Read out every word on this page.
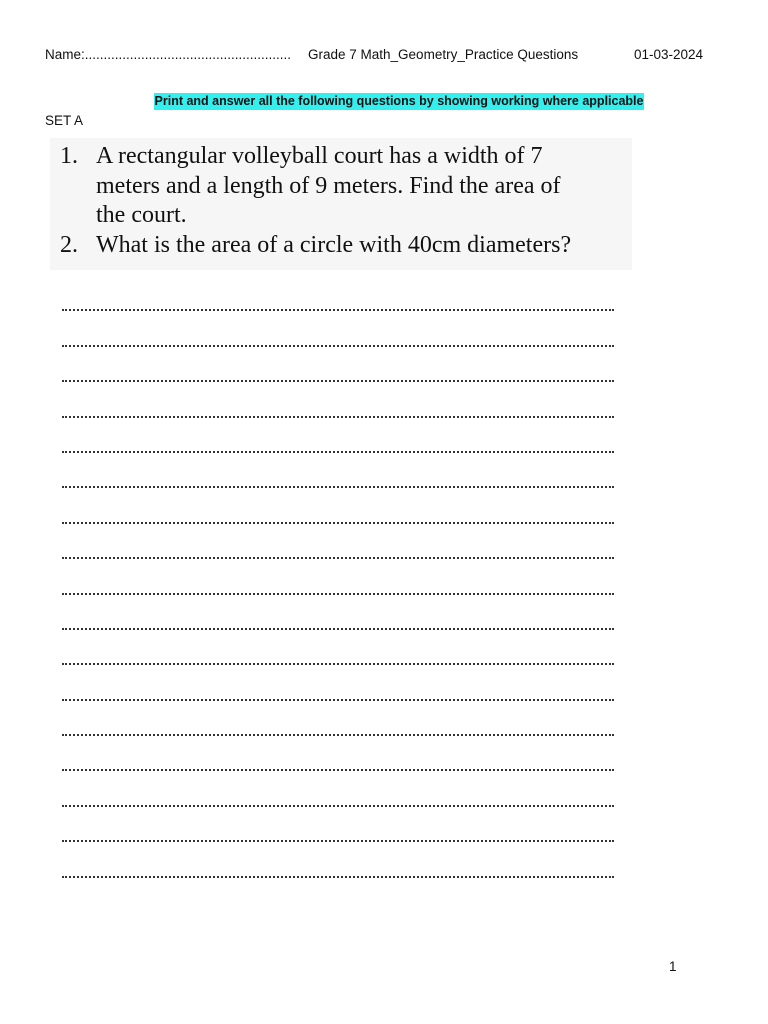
Name:....................................................... Grade 7 Math_Geometry_Practice Questions	01-03-2024
Print and answer all the following questions by showing working where applicable
SET A
1. A rectangular volleyball court has a width of 7
meters and a length of 9 meters. Find the area of
the court.
2. What is the area of a circle with 40cm diameters?
1
